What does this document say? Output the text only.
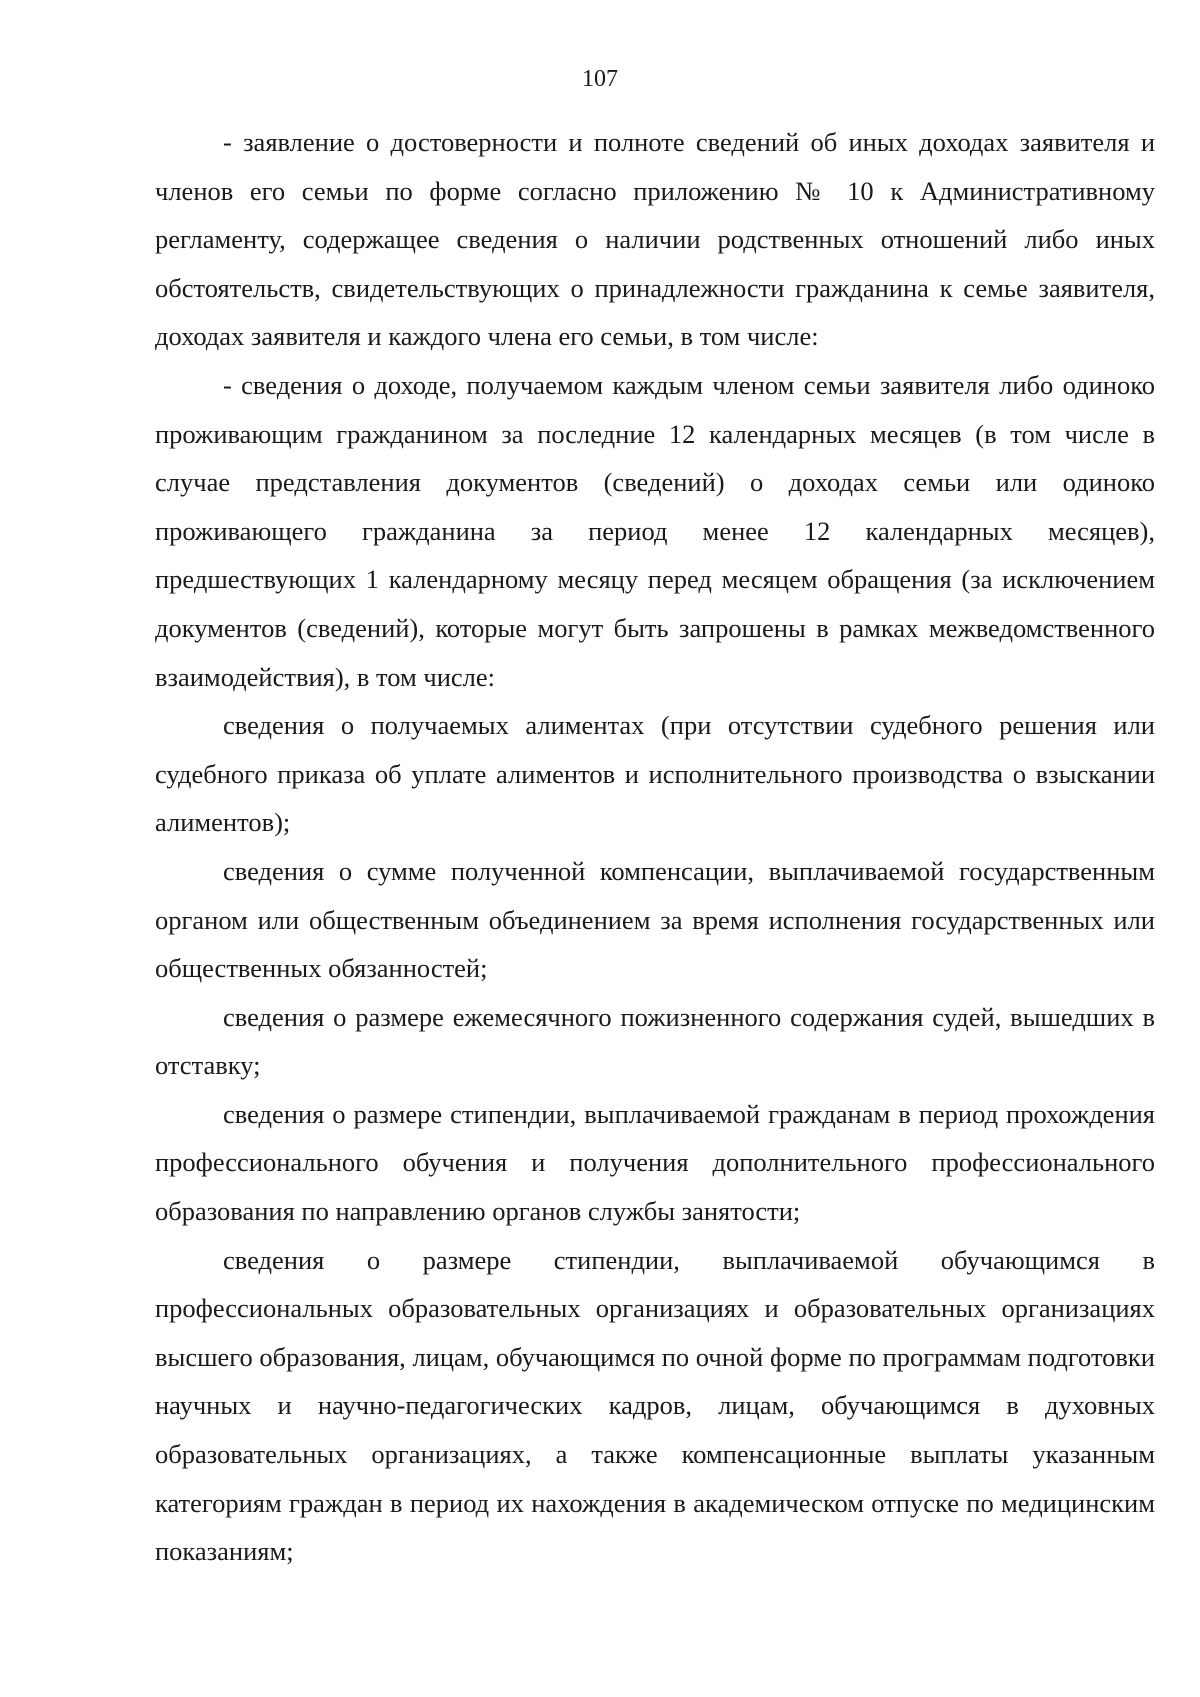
107

- заявление о достоверности и полноте сведений об иных доходах заявителя и членов его семьи по форме согласно приложению № 10 к Административному регламенту, содержащее сведения о наличии родственных отношений либо иных обстоятельств, свидетельствующих о принадлежности гражданина к семье заявителя, доходах заявителя и каждого члена его семьи, в том числе:

- сведения о доходе, получаемом каждым членом семьи заявителя либо одиноко проживающим гражданином за последние 12 календарных месяцев (в том числе в случае представления документов (сведений) о доходах семьи или одиноко проживающего гражданина за период менее 12 календарных месяцев), предшествующих 1 календарному месяцу перед месяцем обращения (за исключением документов (сведений), которые могут быть запрошены в рамках межведомственного взаимодействия), в том числе:

сведения о получаемых алиментах (при отсутствии судебного решения или судебного приказа об уплате алиментов и исполнительного производства о взыскании алиментов);

сведения о сумме полученной компенсации, выплачиваемой государственным органом или общественным объединением за время исполнения государственных или общественных обязанностей;

сведения о размере ежемесячного пожизненного содержания судей, вышедших в отставку;

сведения о размере стипендии, выплачиваемой гражданам в период прохождения профессионального обучения и получения дополнительного профессионального образования по направлению органов службы занятости;

сведения о размере стипендии, выплачиваемой обучающимся в профессиональных образовательных организациях и образовательных организациях высшего образования, лицам, обучающимся по очной форме по программам подготовки научных и научно-педагогических кадров, лицам, обучающимся в духовных образовательных организациях, а также компенсационные выплаты указанным категориям граждан в период их нахождения в академическом отпуске по медицинским показаниям;
